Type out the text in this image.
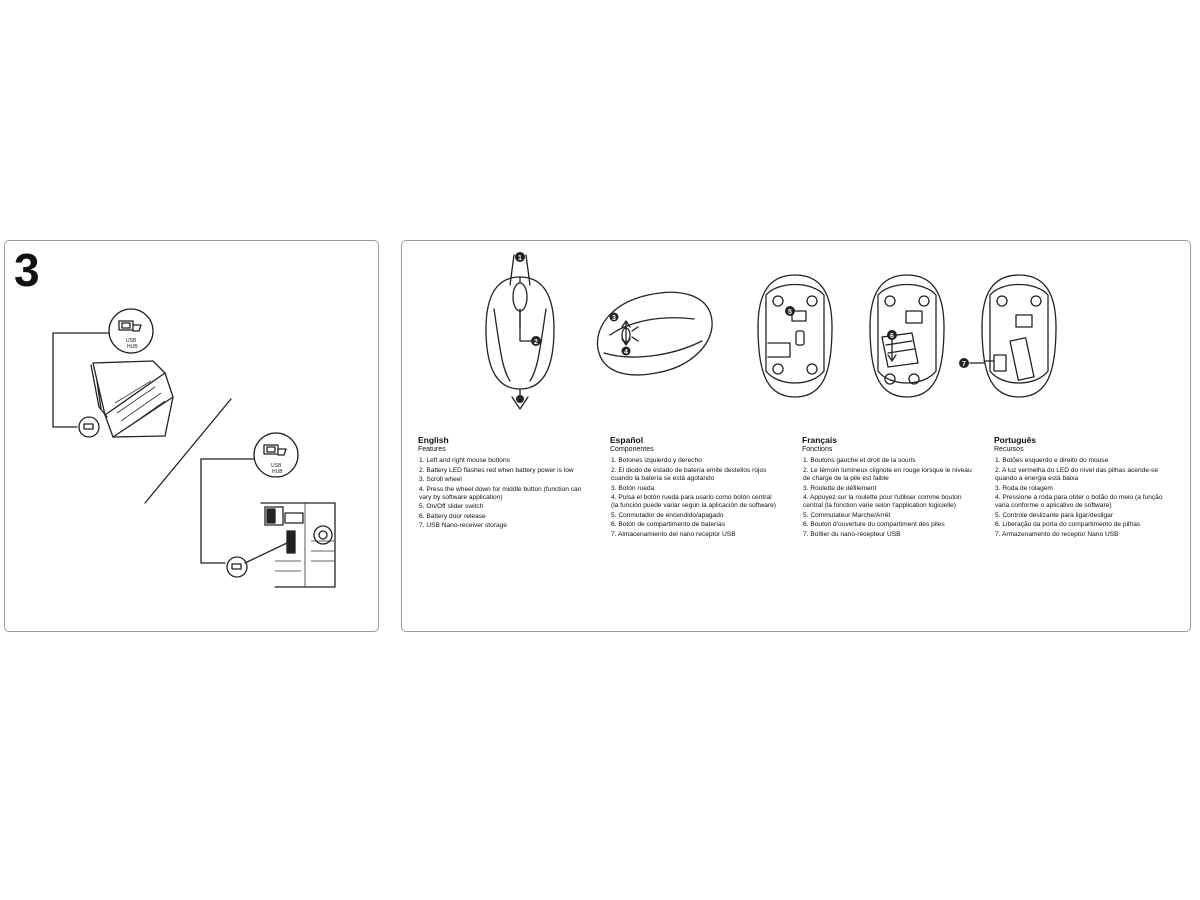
3
USB
HUB
USB
HUB
1
2
3
4
5
6
7
English
Features
1. Left and right mouse buttons
2. Battery LED flashes red when battery power is low
3. Scroll wheel
4. Press the wheel down for middle button (function can vary by software application)
5. On/Off slider switch
6. Battery door release
7. USB Nano-receiver storage
Español
Componentes
1. Botones izquierdo y derecho
2. El diodo de estado de batería emite destellos rojos cuando la batería se está agotando
3. Botón rueda
4. Pulsa el botón rueda para usarlo como botón central (la función puede variar según la aplicación de software)
5. Conmutador de encendido/apagado
6. Botón de compartimento de baterías
7. Almacenamiento del nano receptor USB
Français
Fonctions
1. Boutons gauche et droit de la souris
2. Le témoin lumineux clignote en rouge lorsque le niveau de charge de la pile est faible
3. Roulette de défilement
4. Appuyez sur la roulette pour l'utiliser comme bouton central (la fonction varie selon l'application logicielle)
5. Commutateur Marche/Arrêt
6. Bouton d'ouverture du compartiment des piles
7. Boîtier du nano-récepteur USB
Português
Recursos
1. Botões esquerdo e direito do mouse
2. A luz vermelha do LED do nível das pilhas acende-se quando a energia está baixa
3. Roda de rolagem
4. Pressione a roda para obter o botão do meio (a função varia conforme o aplicativo de software)
5. Controle deslizante para ligar/desligar
6. Liberação da porta do compartimento de pilhas
7. Armazenamento do receptor Nano USB
